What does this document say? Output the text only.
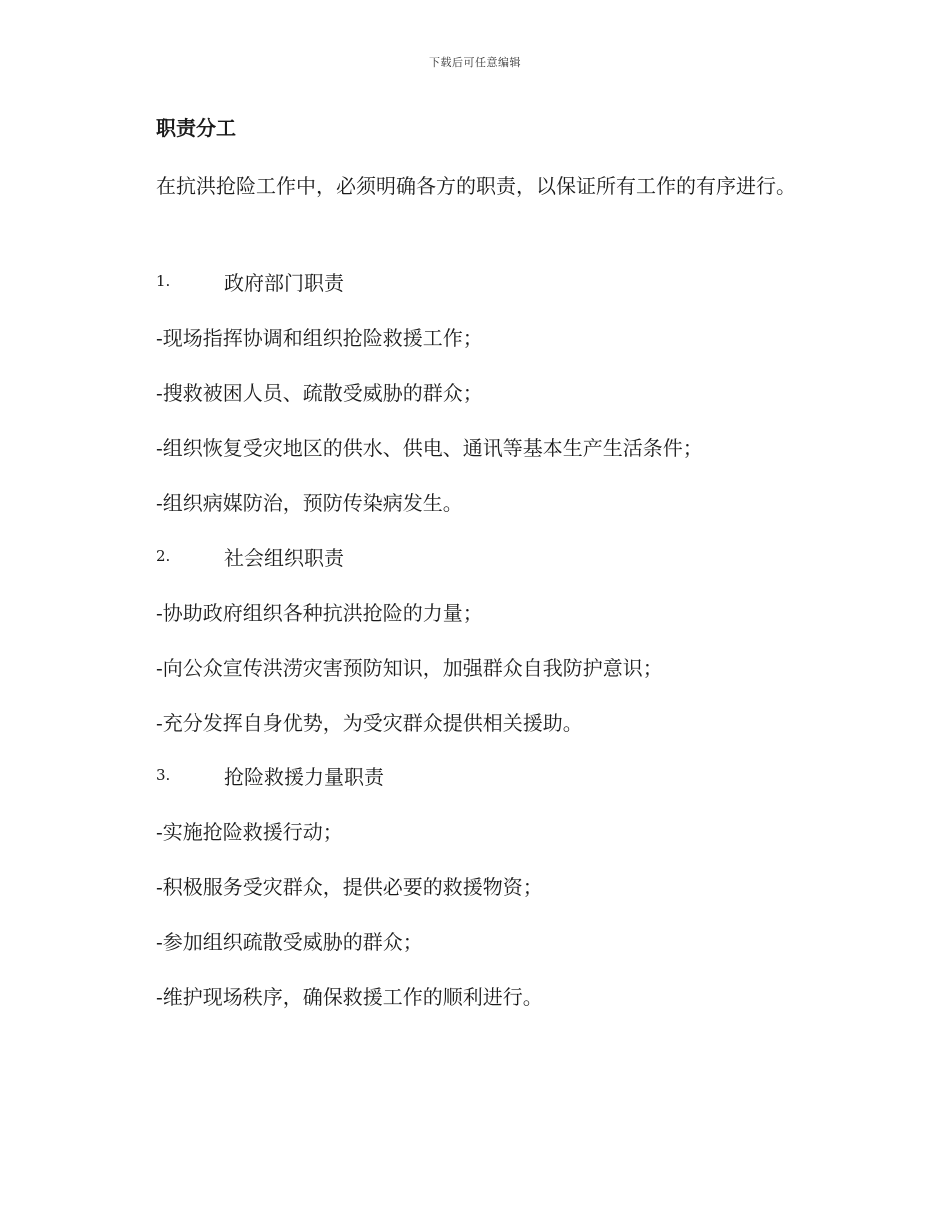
下载后可任意编辑
职责分工
在抗洪抢险工作中，必须明确各方的职责，以保证所有工作的有序进行。
1.	政府部门职责
-现场指挥协调和组织抢险救援工作；
-搜救被困人员、疏散受威胁的群众；
-组织恢复受灾地区的供水、供电、通讯等基本生产生活条件；
-组织病媒防治，预防传染病发生。
2.	社会组织职责
-协助政府组织各种抗洪抢险的力量；
-向公众宣传洪涝灾害预防知识，加强群众自我防护意识；
-充分发挥自身优势，为受灾群众提供相关援助。
3.	抢险救援力量职责
-实施抢险救援行动；
-积极服务受灾群众，提供必要的救援物资；
-参加组织疏散受威胁的群众；
-维护现场秩序，确保救援工作的顺利进行。
